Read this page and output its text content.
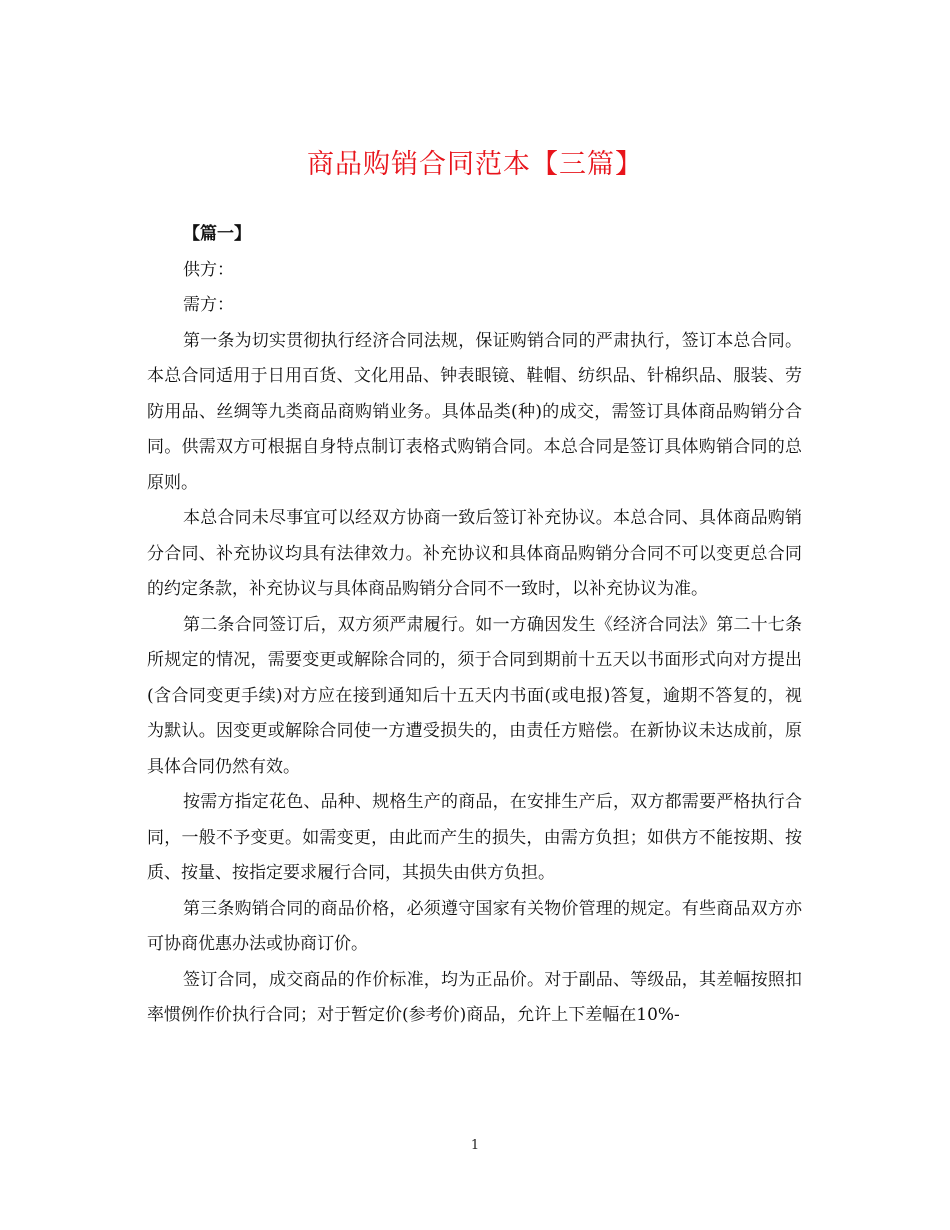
商品购销合同范本【三篇】

【篇一】

供方：

需方：

第一条为切实贯彻执行经济合同法规，保证购销合同的严肃执行，签订本总合同。本总合同适用于日用百货、文化用品、钟表眼镜、鞋帽、纺织品、针棉织品、服装、劳防用品、丝绸等九类商品商购销业务。具体品类(种)的成交，需签订具体商品购销分合同。供需双方可根据自身特点制订表格式购销合同。本总合同是签订具体购销合同的总原则。

本总合同未尽事宜可以经双方协商一致后签订补充协议。本总合同、具体商品购销分合同、补充协议均具有法律效力。补充协议和具体商品购销分合同不可以变更总合同的约定条款，补充协议与具体商品购销分合同不一致时，以补充协议为准。

第二条合同签订后，双方须严肃履行。如一方确因发生《经济合同法》第二十七条所规定的情况，需要变更或解除合同的，须于合同到期前十五天以书面形式向对方提出(含合同变更手续)对方应在接到通知后十五天内书面(或电报)答复，逾期不答复的，视为默认。因变更或解除合同使一方遭受损失的，由责任方赔偿。在新协议未达成前，原具体合同仍然有效。

按需方指定花色、品种、规格生产的商品，在安排生产后，双方都需要严格执行合同，一般不予变更。如需变更，由此而产生的损失，由需方负担；如供方不能按期、按质、按量、按指定要求履行合同，其损失由供方负担。

第三条购销合同的商品价格，必须遵守国家有关物价管理的规定。有些商品双方亦可协商优惠办法或协商订价。

签订合同，成交商品的作价标准，均为正品价。对于副品、等级品，其差幅按照扣率惯例作价执行合同；对于暂定价(参考价)商品，允许上下差幅在10%-

1
